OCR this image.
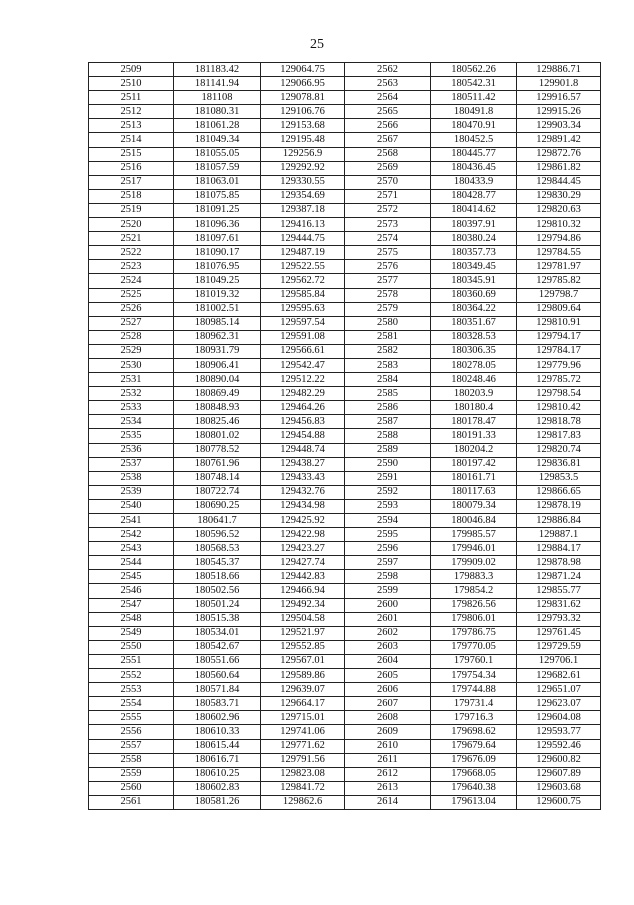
25
2509	181183.42	129064.75	2562	180562.26	129886.71
2510	181141.94	129066.95	2563	180542.31	129901.8
2511	181108	129078.81	2564	180511.42	129916.57
2512	181080.31	129106.76	2565	180491.8	129915.26
2513	181061.28	129153.68	2566	180470.91	129903.34
2514	181049.34	129195.48	2567	180452.5	129891.42
2515	181055.05	129256.9	2568	180445.77	129872.76
2516	181057.59	129292.92	2569	180436.45	129861.82
2517	181063.01	129330.55	2570	180433.9	129844.45
2518	181075.85	129354.69	2571	180428.77	129830.29
2519	181091.25	129387.18	2572	180414.62	129820.63
2520	181096.36	129416.13	2573	180397.91	129810.32
2521	181097.61	129444.75	2574	180380.24	129794.86
2522	181090.17	129487.19	2575	180357.73	129784.55
2523	181076.95	129522.55	2576	180349.45	129781.97
2524	181049.25	129562.72	2577	180345.91	129785.82
2525	181019.32	129585.84	2578	180360.69	129798.7
2526	181002.51	129595.63	2579	180364.22	129809.64
2527	180985.14	129597.54	2580	180351.67	129810.91
2528	180962.31	129591.08	2581	180328.53	129794.17
2529	180931.79	129566.61	2582	180306.35	129784.17
2530	180906.41	129542.47	2583	180278.05	129779.96
2531	180890.04	129512.22	2584	180248.46	129785.72
2532	180869.49	129482.29	2585	180203.9	129798.54
2533	180848.93	129464.26	2586	180180.4	129810.42
2534	180825.46	129456.83	2587	180178.47	129818.78
2535	180801.02	129454.88	2588	180191.33	129817.83
2536	180778.52	129448.74	2589	180204.2	129820.74
2537	180761.96	129438.27	2590	180197.42	129836.81
2538	180748.14	129433.43	2591	180161.71	129853.5
2539	180722.74	129432.76	2592	180117.63	129866.65
2540	180690.25	129434.98	2593	180079.34	129878.19
2541	180641.7	129425.92	2594	180046.84	129886.84
2542	180596.52	129422.98	2595	179985.57	129887.1
2543	180568.53	129423.27	2596	179946.01	129884.17
2544	180545.37	129427.74	2597	179909.02	129878.98
2545	180518.66	129442.83	2598	179883.3	129871.24
2546	180502.56	129466.94	2599	179854.2	129855.77
2547	180501.24	129492.34	2600	179826.56	129831.62
2548	180515.38	129504.58	2601	179806.01	129793.32
2549	180534.01	129521.97	2602	179786.75	129761.45
2550	180542.67	129552.85	2603	179770.05	129729.59
2551	180551.66	129567.01	2604	179760.1	129706.1
2552	180560.64	129589.86	2605	179754.34	129682.61
2553	180571.84	129639.07	2606	179744.88	129651.07
2554	180583.71	129664.17	2607	179731.4	129623.07
2555	180602.96	129715.01	2608	179716.3	129604.08
2556	180610.33	129741.06	2609	179698.62	129593.77
2557	180615.44	129771.62	2610	179679.64	129592.46
2558	180616.71	129791.56	2611	179676.09	129600.82
2559	180610.25	129823.08	2612	179668.05	129607.89
2560	180602.83	129841.72	2613	179640.38	129603.68
2561	180581.26	129862.6	2614	179613.04	129600.75
